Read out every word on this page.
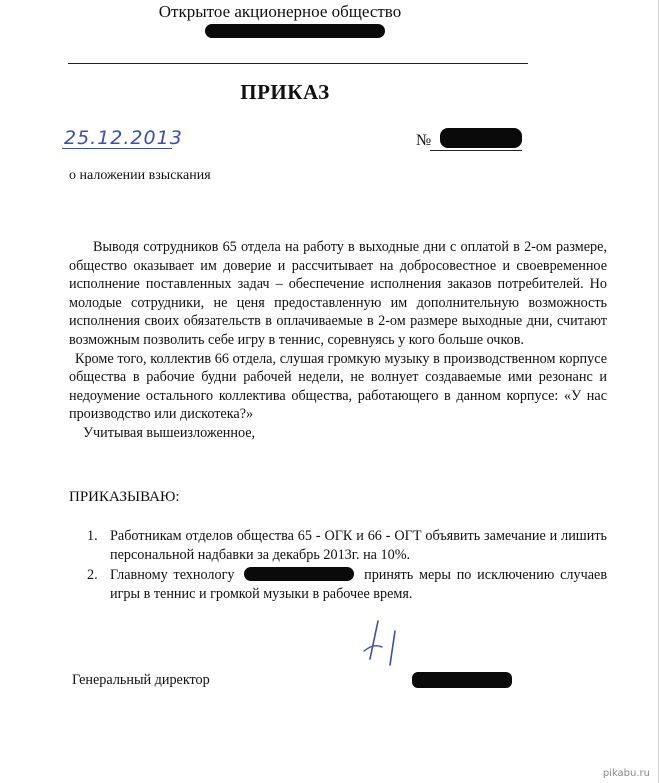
Открытое акционерное общество
ПРИКАЗ
25.12.2013	№
о наложении взыскания

Выводя сотрудников 65 отдела на работу в выходные дни с оплатой в 2-ом размере, общество оказывает им доверие и рассчитывает на добросовестное и своевременное исполнение поставленных задач – обеспечение исполнения заказов потребителей. Но молодые сотрудники, не ценя предоставленную им дополнительную возможность исполнения своих обязательств в оплачиваемые в 2-ом размере выходные дни, считают возможным позволить себе игру в теннис, соревнуясь у кого больше очков.

Кроме того, коллектив 66 отдела, слушая громкую музыку в производственном корпусе общества в рабочие будни рабочей недели, не волнует создаваемые ими резонанс и недоумение остального коллектива общества, работающего в данном корпусе: «У нас производство или дискотека?»

Учитывая вышеизложенное,

ПРИКАЗЫВАЮ:
1. Работникам отделов общества 65 - ОГК и 66 - ОГТ объявить замечание и лишить персональной надбавки за декабрь 2013г. на 10%.
2. Главному технологу	принять меры по исключению случаев игры в теннис и громкой музыки в рабочее время.
Генеральный директор
pikabu.ru
